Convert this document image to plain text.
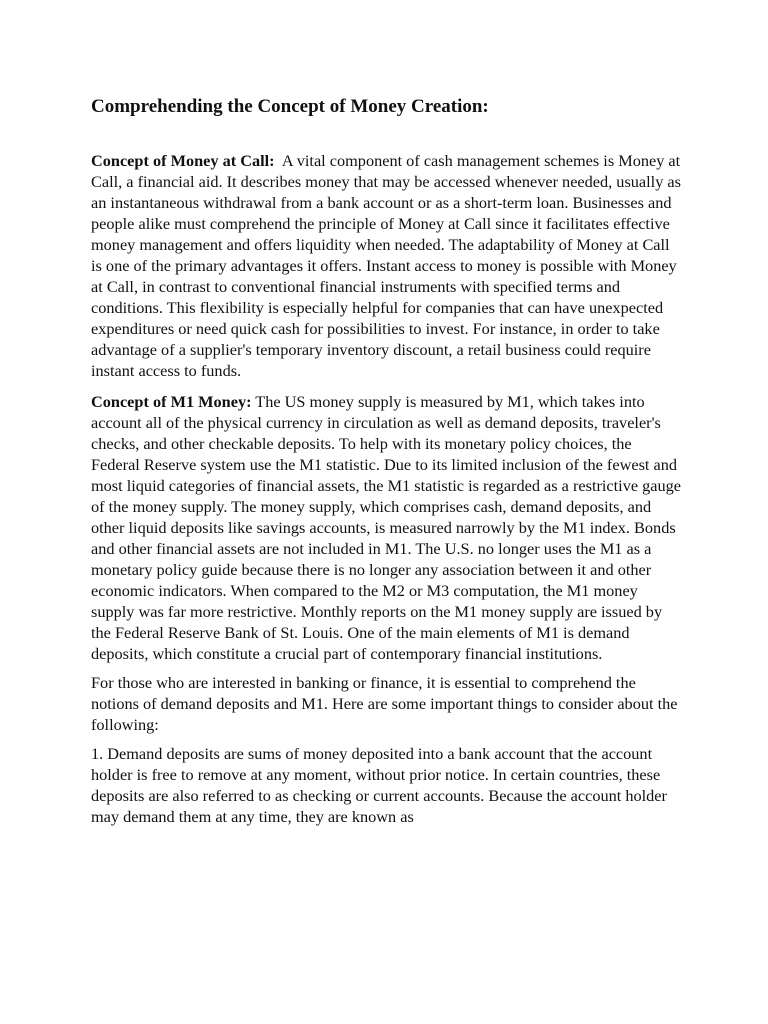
Comprehending the Concept of Money Creation:

Concept of Money at Call:  A vital component of cash management schemes is Money at Call, a financial aid. It describes money that may be accessed whenever needed, usually as an instantaneous withdrawal from a bank account or as a short-term loan. Businesses and people alike must comprehend the principle of Money at Call since it facilitates effective money management and offers liquidity when needed. The adaptability of Money at Call is one of the primary advantages it offers. Instant access to money is possible with Money at Call, in contrast to conventional financial instruments with specified terms and conditions. This flexibility is especially helpful for companies that can have unexpected expenditures or need quick cash for possibilities to invest. For instance, in order to take advantage of a supplier's temporary inventory discount, a retail business could require instant access to funds.

Concept of M1 Money: The US money supply is measured by M1, which takes into account all of the physical currency in circulation as well as demand deposits, traveler's checks, and other checkable deposits. To help with its monetary policy choices, the Federal Reserve system use the M1 statistic. Due to its limited inclusion of the fewest and most liquid categories of financial assets, the M1 statistic is regarded as a restrictive gauge of the money supply. The money supply, which comprises cash, demand deposits, and other liquid deposits like savings accounts, is measured narrowly by the M1 index. Bonds and other financial assets are not included in M1. The U.S. no longer uses the M1 as a monetary policy guide because there is no longer any association between it and other economic indicators. When compared to the M2 or M3 computation, the M1 money supply was far more restrictive. Monthly reports on the M1 money supply are issued by the Federal Reserve Bank of St. Louis. One of the main elements of M1 is demand deposits, which constitute a crucial part of contemporary financial institutions.

For those who are interested in banking or finance, it is essential to comprehend the notions of demand deposits and M1. Here are some important things to consider about the following:

1. Demand deposits are sums of money deposited into a bank account that the account holder is free to remove at any moment, without prior notice. In certain countries, these deposits are also referred to as checking or current accounts. Because the account holder may demand them at any time, they are known as
